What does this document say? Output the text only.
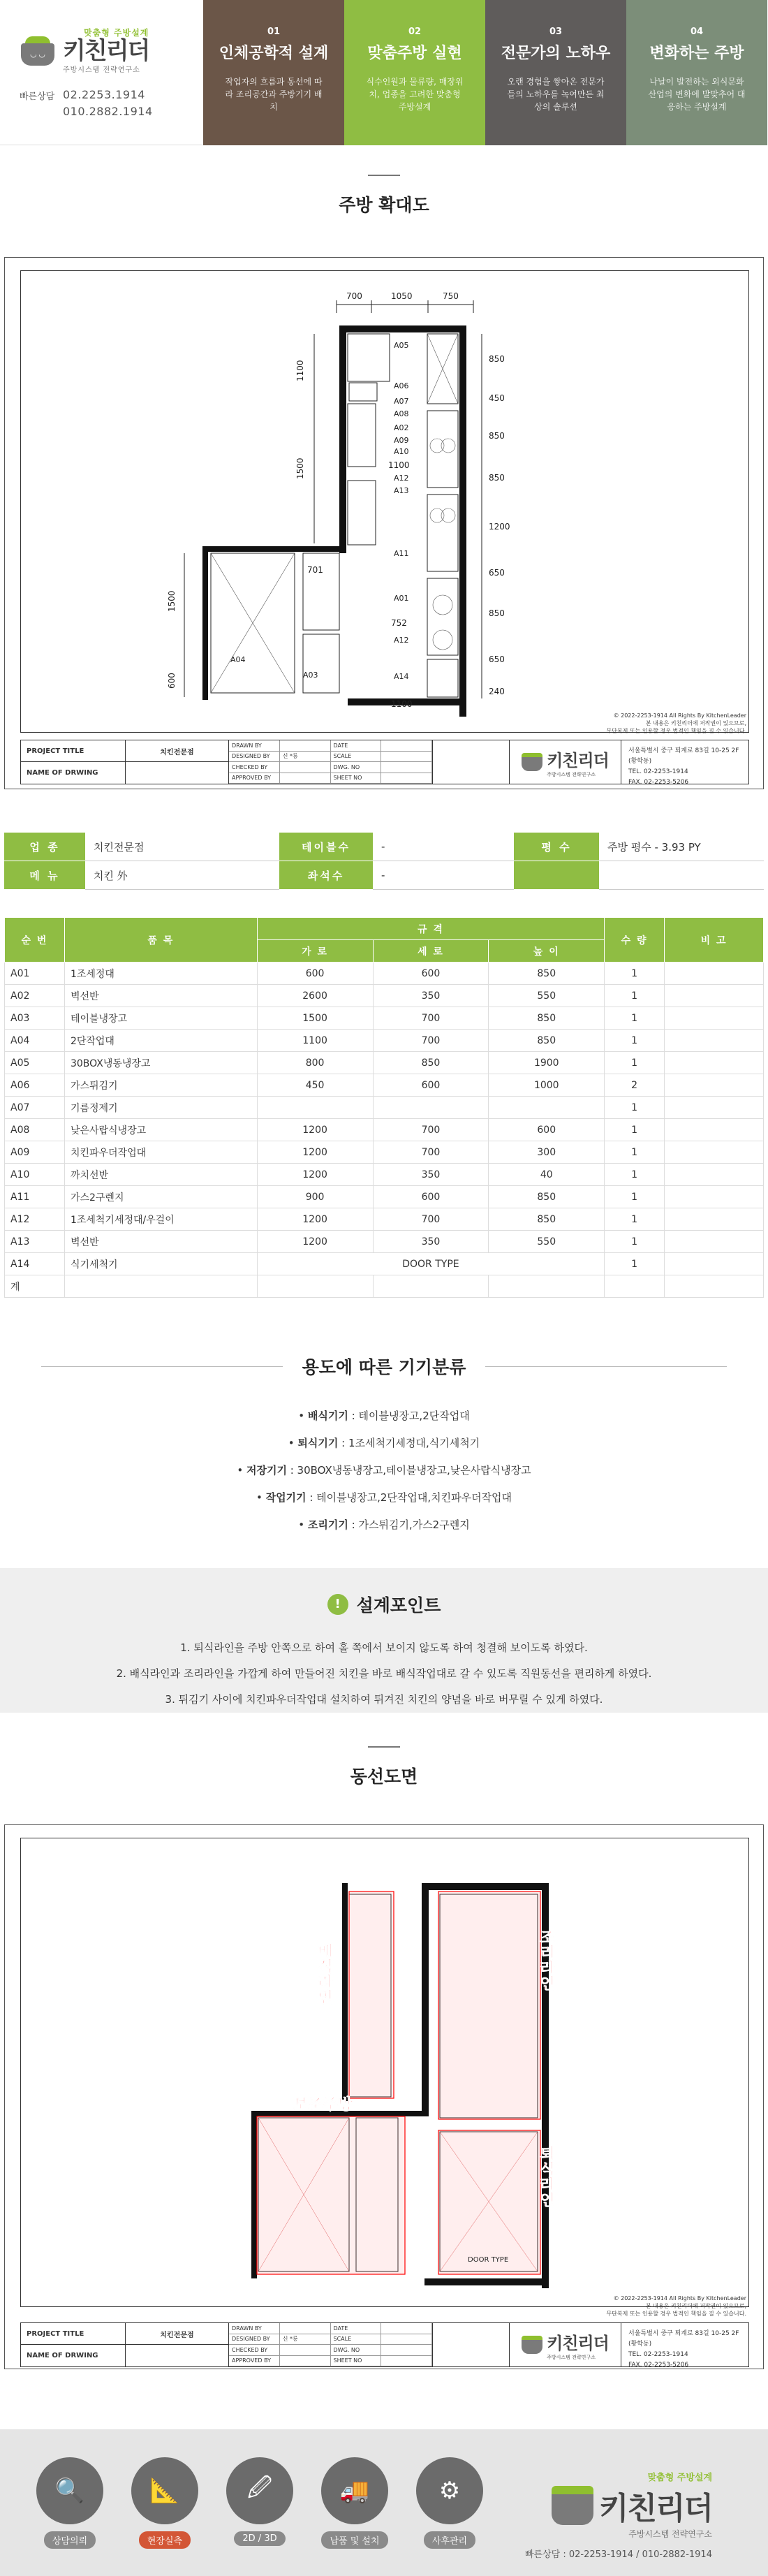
◡ ◡
맞춤형 주방설계
키친리더
주방시스템 전략연구소
빠른상담 02.2253.1914
010.2882.1914
01
인체공학적 설계
작업자의 흐름과 동선에 따라 조리공간과 주방기기 배치
02
맞춤주방 실현
식수인원과 물류량, 매장위치, 업종을 고려한 맞춤형 주방설계
03
전문가의 노하우
오랜 경험을 쌓아온 전문가들의 노하우를 녹여만든 최상의 솔루션
04
변화하는 주방
나날이 발전하는 외식문화 산업의 변화에 발맞추어 대응하는 주방설계
주방 확대도
700	1050	750
1100
1500
1500
600
850
450
850
850
1200
650
850
650
240
1100
701
752
1100
A05
A06
A07
A08
A02
A09
A10
A12
A13
A11
A01
A12
A14
A04
A03
PROJECT TITLE
NAME OF DRWING
치킨전문점
DRAWN BY	DATE
DESIGNED BY	신 *룡	SCALE
CHECKED BY	DWG. NO
APPROVED BY	SHEET NO
키친리더
주방시스템 전략연구소
서울특별시 중구 퇴계로 83길 10-25 2F (황학동)
TEL. 02-2253-1914
FAX. 02-2253-5206
© 2022-2253-1914 All Rights By KitchenLeader
본 내용은 키친리더에 저작권이 있으므로,
무단복제 또는 인용할 경우 법적인 책임을 질 수 있습니다.
업 종	치킨전문점	테이블수	-	평 수	주방 평수 - 3.93 PY
메 뉴	치킨 外	좌석수	-
순 번	품 목	규 격			수 량	비 고
		가 로	세 로	높 이		
A01	1조세정대	600	600	850	1	
A02	벽선반	2600	350	550	1	
A03	테이블냉장고	1500	700	850	1	
A04	2단작업대	1100	700	850	1	
A05	30BOX냉동냉장고	800	850	1900	1	
A06	가스튀김기	450	600	1000	2	
A07	기름정제기				1	
A08	낮은사랍식냉장고	1200	700	600	1	
A09	치킨파우더작업대	1200	700	300	1	
A10	까치선반	1200	350	40	1	
A11	가스2구렌지	900	600	850	1	
A12	1조세척기세정대/우걸이	1200	700	850	1	
A13	벽선반	1200	350	550	1	
A14	식기세척기	DOOR TYPE			1	
계						
용도에 따른 기기분류
• 배식기기 : 테이블냉장고,2단작업대
• 퇴식기기 : 1조세척기세정대,식기세척기
• 저장기기 : 30BOX냉동냉장고,테이블냉장고,낮은사랍식냉장고
• 작업기기 : 테이블냉장고,2단작업대,치킨파우더작업대
• 조리기기 : 가스튀김기,가스2구렌지
! 설계포인트
1. 퇴식라인을 주방 안쪽으로 하여 홀 쪽에서 보이지 않도록 하여 청결해 보이도록 하였다.
2. 배식라인과 조리라인을 가깝게 하여 만들어진 치킨을 바로 배식작업대로 갈 수 있도록 직원동선을 편리하게 하였다.
3. 튀김기 사이에 치킨파우더작업대 설치하여 튀겨진 치킨의 양념을 바로 버무릴 수 있게 하였다.
동선도면
배식라인	조리라인
보조주방
퇴식라인
DOOR TYPE
PROJECT TITLE
NAME OF DRWING
치킨전문점
DRAWN BY	DATE
DESIGNED BY	신 *룡	SCALE
CHECKED BY	DWG. NO
APPROVED BY	SHEET NO
키친리더
주방시스템 전략연구소
서울특별시 중구 퇴계로 83길 10-25 2F (황학동)
TEL. 02-2253-1914
FAX. 02-2253-5206
© 2022-2253-1914 All Rights By KitchenLeader
본 내용은 키친리더에 저작권이 있으므로,
무단복제 또는 인용할 경우 법적인 책임을 질 수 있습니다.
🔍
상담의뢰
📐
현장실측
🖉
2D / 3D
🚚
납품 및 설치
⚙
사후관리
맞춤형 주방설계
키친리더
주방시스템 전략연구소
빠른상담 : 02-2253-1914 / 010-2882-1914
